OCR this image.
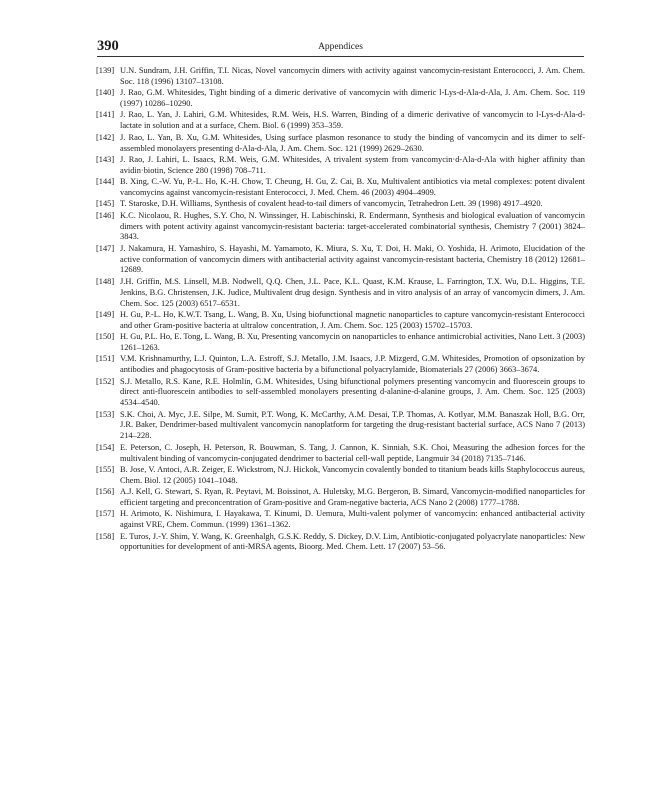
390	Appendices
[139] U.N. Sundram, J.H. Griffin, T.I. Nicas, Novel vancomycin dimers with activity against vancomycin-resistant Enterococci, J. Am. Chem. Soc. 118 (1996) 13107–13108.
[140] J. Rao, G.M. Whitesides, Tight binding of a dimeric derivative of vancomycin with dimeric l-Lys-d-Ala-d-Ala, J. Am. Chem. Soc. 119 (1997) 10286–10290.
[141] J. Rao, L. Yan, J. Lahiri, G.M. Whitesides, R.M. Weis, H.S. Warren, Binding of a dimeric derivative of vancomycin to l-Lys-d-Ala-d-lactate in solution and at a surface, Chem. Biol. 6 (1999) 353–359.
[142] J. Rao, L. Yan, B. Xu, G.M. Whitesides, Using surface plasmon resonance to study the binding of vancomycin and its dimer to self-assembled monolayers presenting d-Ala-d-Ala, J. Am. Chem. Soc. 121 (1999) 2629–2630.
[143] J. Rao, J. Lahiri, L. Isaacs, R.M. Weis, G.M. Whitesides, A trivalent system from vancomycin·d-Ala-d-Ala with higher affinity than avidin·biotin, Science 280 (1998) 708–711.
[144] B. Xing, C.-W. Yu, P.-L. Ho, K.-H. Chow, T. Cheung, H. Gu, Z. Cai, B. Xu, Multivalent antibiotics via metal complexes: potent divalent vancomycins against vancomycin-resistant Enterococci, J. Med. Chem. 46 (2003) 4904–4909.
[145] T. Staroske, D.H. Williams, Synthesis of covalent head-to-tail dimers of vancomycin, Tetrahedron Lett. 39 (1998) 4917–4920.
[146] K.C. Nicolaou, R. Hughes, S.Y. Cho, N. Winssinger, H. Labischinski, R. Endermann, Synthesis and biological evaluation of vancomycin dimers with potent activity against vancomycin-resistant bacteria: target-accelerated combinatorial synthesis, Chemistry 7 (2001) 3824–3843.
[147] J. Nakamura, H. Yamashiro, S. Hayashi, M. Yamamoto, K. Miura, S. Xu, T. Doi, H. Maki, O. Yoshida, H. Arimoto, Elucidation of the active conformation of vancomycin dimers with antibacterial activity against vancomycin-resistant bacteria, Chemistry 18 (2012) 12681–12689.
[148] J.H. Griffin, M.S. Linsell, M.B. Nodwell, Q.Q. Chen, J.L. Pace, K.L. Quast, K.M. Krause, L. Farrington, T.X. Wu, D.L. Higgins, T.E. Jenkins, B.G. Christensen, J.K. Judice, Multivalent drug design. Synthesis and in vitro analysis of an array of vancomycin dimers, J. Am. Chem. Soc. 125 (2003) 6517–6531.
[149] H. Gu, P.-L. Ho, K.W.T. Tsang, L. Wang, B. Xu, Using biofunctional magnetic nanoparticles to capture vancomycin-resistant Enterococci and other Gram-positive bacteria at ultralow concentration, J. Am. Chem. Soc. 125 (2003) 15702–15703.
[150] H. Gu, P.L. Ho, E. Tong, L. Wang, B. Xu, Presenting vancomycin on nanoparticles to enhance antimicrobial activities, Nano Lett. 3 (2003) 1261–1263.
[151] V.M. Krishnamurthy, L.J. Quinton, L.A. Estroff, S.J. Metallo, J.M. Isaacs, J.P. Mizgerd, G.M. Whitesides, Promotion of opsonization by antibodies and phagocytosis of Gram-positive bacteria by a bifunctional polyacrylamide, Biomaterials 27 (2006) 3663–3674.
[152] S.J. Metallo, R.S. Kane, R.E. Holmlin, G.M. Whitesides, Using bifunctional polymers presenting vancomycin and fluorescein groups to direct anti-fluorescein antibodies to self-assembled monolayers presenting d-alanine-d-alanine groups, J. Am. Chem. Soc. 125 (2003) 4534–4540.
[153] S.K. Choi, A. Myc, J.E. Silpe, M. Sumit, P.T. Wong, K. McCarthy, A.M. Desai, T.P. Thomas, A. Kotlyar, M.M. Banaszak Holl, B.G. Orr, J.R. Baker, Dendrimer-based multivalent vancomycin nanoplatform for targeting the drug-resistant bacterial surface, ACS Nano 7 (2013) 214–228.
[154] E. Peterson, C. Joseph, H. Peterson, R. Bouwman, S. Tang, J. Cannon, K. Sinniah, S.K. Choi, Measuring the adhesion forces for the multivalent binding of vancomycin-conjugated dendrimer to bacterial cell-wall peptide, Langmuir 34 (2018) 7135–7146.
[155] B. Jose, V. Antoci, A.R. Zeiger, E. Wickstrom, N.J. Hickok, Vancomycin covalently bonded to titanium beads kills Staphylococcus aureus, Chem. Biol. 12 (2005) 1041–1048.
[156] A.J. Kell, G. Stewart, S. Ryan, R. Peytavi, M. Boissinot, A. Huletsky, M.G. Bergeron, B. Simard, Vancomycin-modified nanoparticles for efficient targeting and preconcentration of Gram-positive and Gram-negative bacteria, ACS Nano 2 (2008) 1777–1788.
[157] H. Arimoto, K. Nishimura, I. Hayakawa, T. Kinumi, D. Uemura, Multi-valent polymer of vancomycin: enhanced antibacterial activity against VRE, Chem. Commun. (1999) 1361–1362.
[158] E. Turos, J.-Y. Shim, Y. Wang, K. Greenhalgh, G.S.K. Reddy, S. Dickey, D.V. Lim, Antibiotic-conjugated polyacrylate nanoparticles: New opportunities for development of anti-MRSA agents, Bioorg. Med. Chem. Lett. 17 (2007) 53–56.
